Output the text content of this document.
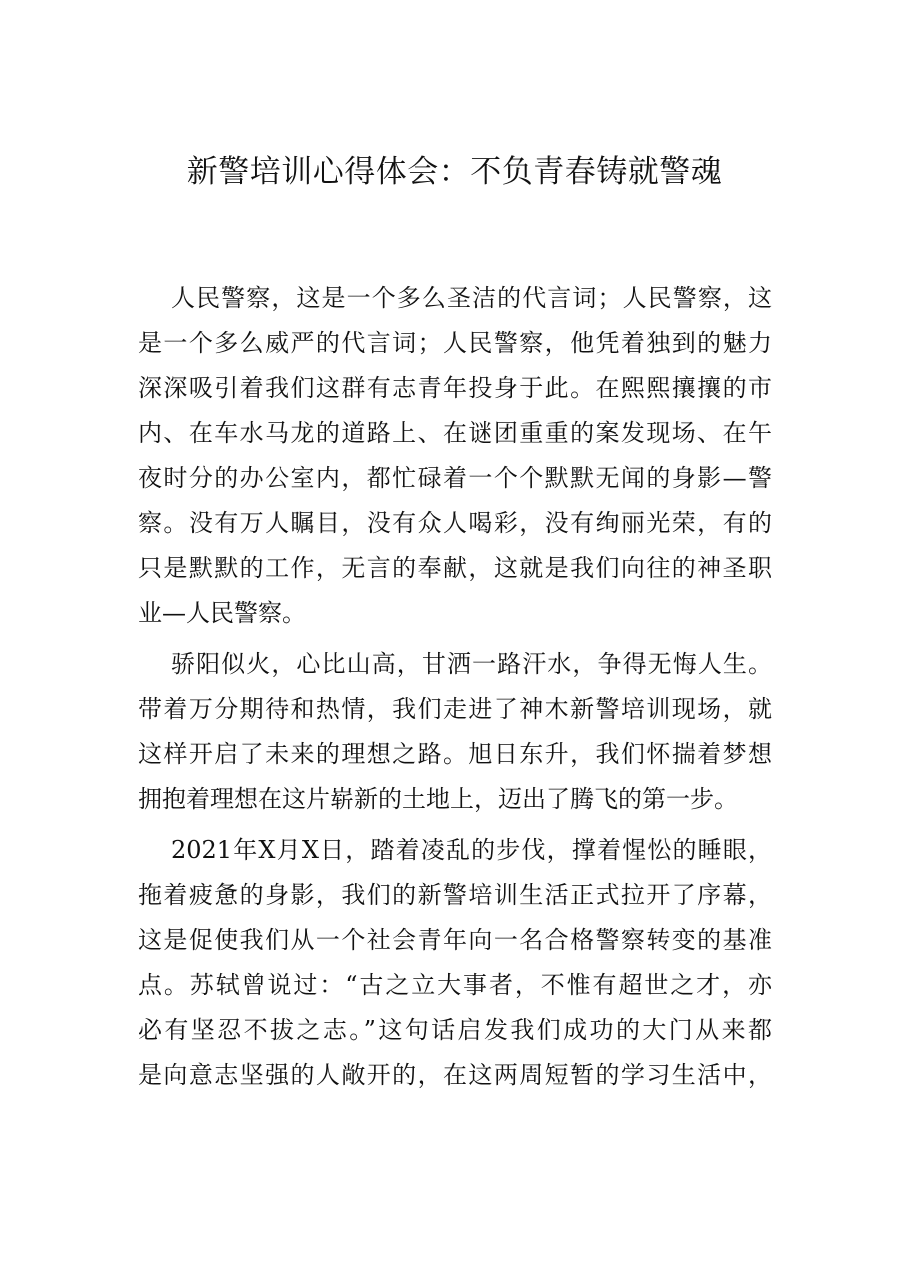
新警培训心得体会：不负青春铸就警魂
人民警察，这是一个多么圣洁的代言词；人民警察，这
是一个多么威严的代言词；人民警察，他凭着独到的魅力
深深吸引着我们这群有志青年投身于此。在熙熙攘攘的市
内、在车水马龙的道路上、在谜团重重的案发现场、在午
夜时分的办公室内，都忙碌着一个个默默无闻的身影—警
察。没有万人瞩目，没有众人喝彩，没有绚丽光荣，有的
只是默默的工作，无言的奉献，这就是我们向往的神圣职
业—人民警察。
骄阳似火，心比山高，甘洒一路汗水，争得无悔人生。
带着万分期待和热情，我们走进了神木新警培训现场，就
这样开启了未来的理想之路。旭日东升，我们怀揣着梦想
拥抱着理想在这片崭新的土地上，迈出了腾飞的第一步。
2021年X月X日，踏着凌乱的步伐，撑着惺忪的睡眼，
拖着疲惫的身影，我们的新警培训生活正式拉开了序幕，
这是促使我们从一个社会青年向一名合格警察转变的基准
点。苏轼曾说过：“古之立大事者，不惟有超世之才，亦
必有坚忍不拔之志。”这句话启发我们成功的大门从来都
是向意志坚强的人敞开的，在这两周短暂的学习生活中，
